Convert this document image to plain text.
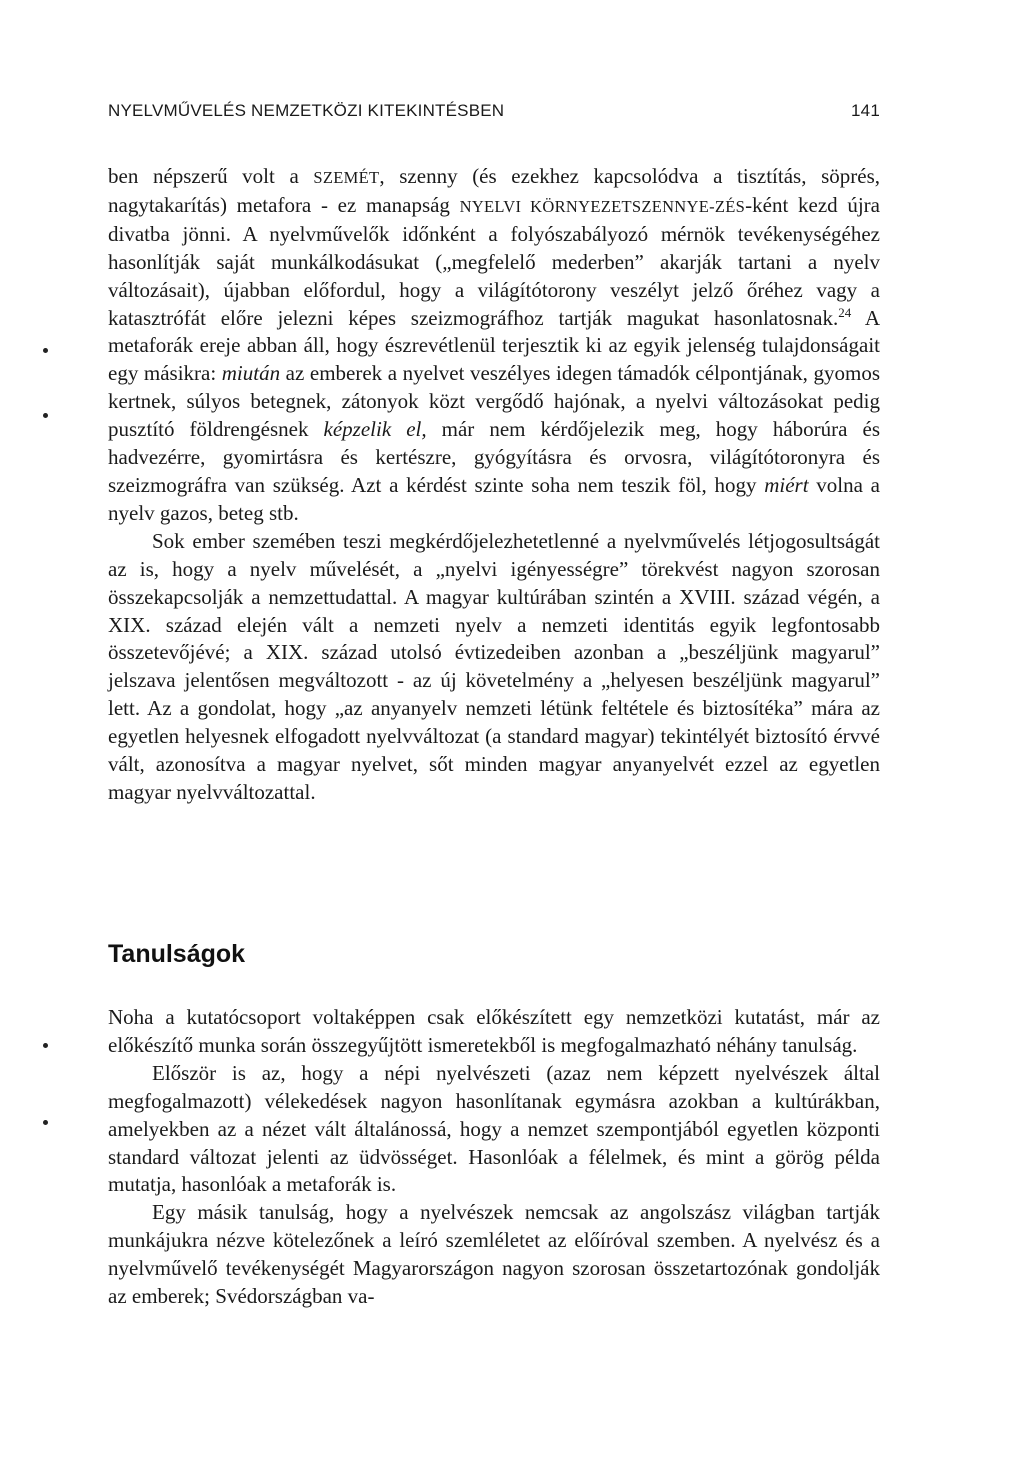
NYELVMŰVELÉS NEMZETKÖZI KITEKINTÉSBEN	141

ben népszerű volt a SZEMÉT, szenny (és ezekhez kapcsolódva a tisztítás, söprés, nagytakarítás) metafora - ez manapság NYELVI KÖRNYEZETSZENNYE-ZÉS-ként kezd újra divatba jönni. A nyelvművelők időnként a folyószabályozó mérnök tevékenységéhez hasonlítják saját munkálkodásukat („megfelelő mederben” akarják tartani a nyelv változásait), újabban előfordul, hogy a világítótorony veszélyt jelző őréhez vagy a katasztrófát előre jelezni képes szeizmográfhoz tartják magukat hasonlatosnak.$^{24}$ A metaforák ereje abban áll, hogy észrevétlenül terjesztik ki az egyik jelenség tulajdonságait egy másikra: miután az emberek a nyelvet veszélyes idegen támadók célpontjának, gyomos kertnek, súlyos betegnek, zátonyok közt vergődő hajónak, a nyelvi változásokat pedig pusztító földrengésnek képzelik el, már nem kérdőjelezik meg, hogy háborúra és hadvezérre, gyomirtásra és kertészre, gyógyításra és orvosra, világítótoronyra és szeizmográfra van szükség. Azt a kérdést szinte soha nem teszik föl, hogy miért volna a nyelv gazos, beteg stb.

Sok ember szemében teszi megkérdőjelezhetetlenné a nyelvművelés létjogosultságát az is, hogy a nyelv művelését, a „nyelvi igényességre” törekvést nagyon szorosan összekapcsolják a nemzettudattal. A magyar kultúrában szintén a XVIII. század végén, a XIX. század elején vált a nemzeti nyelv a nemzeti identitás egyik legfontosabb összetevőjévé; a XIX. század utolsó évtizedeiben azonban a „beszéljünk magyarul” jelszava jelentősen megváltozott - az új követelmény a „helyesen beszéljünk magyarul” lett. Az a gondolat, hogy „az anyanyelv nemzeti létünk feltétele és biztosítéka” mára az egyetlen helyesnek elfogadott nyelvváltozat (a standard magyar) tekintélyét biztosító érvvé vált, azonosítva a magyar nyelvet, sőt minden magyar anyanyelvét ezzel az egyetlen magyar nyelvváltozattal.

Tanulságok

Noha a kutatócsoport voltaképpen csak előkészített egy nemzetközi kutatást, már az előkészítő munka során összegyűjtött ismeretekből is megfogalmazható néhány tanulság.

Először is az, hogy a népi nyelvészeti (azaz nem képzett nyelvészek által megfogalmazott) vélekedések nagyon hasonlítanak egymásra azokban a kultúrákban, amelyekben az a nézet vált általánossá, hogy a nemzet szempontjából egyetlen központi standard változat jelenti az üdvösséget. Hasonlóak a félelmek, és mint a görög példa mutatja, hasonlóak a metaforák is.

Egy másik tanulság, hogy a nyelvészek nemcsak az angolszász világban tartják munkájukra nézve kötelezőnek a leíró szemléletet az előíróval szemben. A nyelvész és a nyelvművelő tevékenységét Magyarországon nagyon szorosan összetartozónak gondolják az emberek; Svédországban va-
